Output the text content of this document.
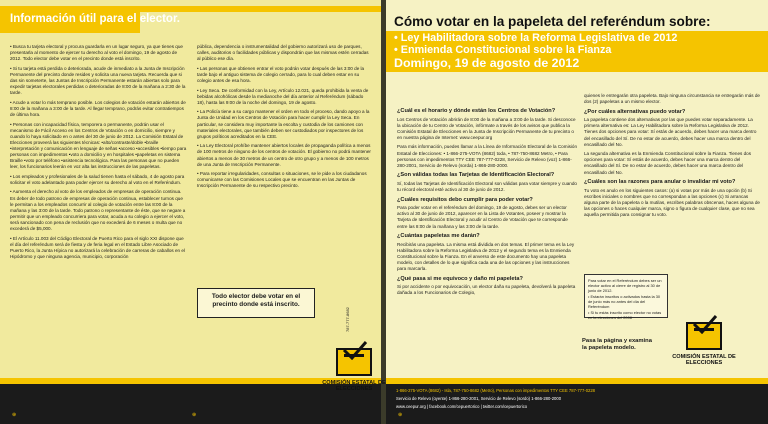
Información útil para el elector.

• Busca tu tarjeta electoral y procura guardarla en un lugar seguro, ya que tienes que presentarla al momento de ejercer tu derecho al voto el domingo, 19 de agosto de 2012. Todo elector debe votar en el precinto donde está inscrito.

• Si tu tarjeta está perdida o deteriorada, acude de inmediato a la Junta de Inscripción Permanente del precinto donde resides y solicita una nueva tarjeta. Recuerda que si das sin someterte, las Juntas de Inscripción Permanente estarán abiertas solo para expedir tarjetas electorales perdidas o deterioradas de 8:00 de la mañana a 2:30 de la tarde.

• Acude a votar lo más temprano posible. Los colegios de votación estarán abiertos de 8:00 de la mañana a 3:00 de la tarde. Al llegar temprano, podrás evitar contratiempos de última hora.

• Personas con incapacidad física, temporera o permanente, podrán usar el mecanismo de Fácil Acceso en los Centros de Votación o en domicilio, siempre y cuando lo haya solicitado en o antes del 30 de junio de 2012. La Comisión Estatal de Elecciones proveerá las siguientes técnicas: •alto/contraste/doble •braille •interpretación y comunicación en lenguaje de señas •acceso •accesibles •tiempo para personas con impedimentos •voto a domicilio y en hospitales •papeletas en sistema Braille •voto por teléfono •asistencia tecnológica. Para las personas que no pueden leer, los funcionarios leerán en voz alta las instrucciones de las papeletas.

• Los empleados y profesionales de la salud tienen hasta el sábado, 4 de agosto para solicitar el voto adelantado para poder ejercer su derecho al voto en el Referéndum.

• Aumenta el derecho al voto de los empleados de empresas de operación continua. Es deber de todo patrono de empresas de operación continua, establecer turnos que le permitan a los empleados concurrir al colegio de votación entre las 8:00 de la mañana y las 3:00 de la tarde. Todo patrono o representante de éste, que se negare a permitir que un empleado concurriera para votar, acuda a su colegio a ejercer el voto, será sancionado con pena de reclusión que no excederá de 6 meses o multa que no excederá de $5,000.

• El Artículo 11.003 del Código Electoral de Puerto Rico para el siglo XXI dispone que el día del referéndum será de fiesta y de feria legal en el Estado Libre Asociado de Puerto Rico, la Junta Hípica no autorizará la celebración de carreras de caballos en el Hipódromo y que ninguna agencia, municipio, corporación

pública, dependencia o instrumentalidad del gobierno autorizará uso de parques, calles, auditorios o facilidades públicas y dispondrán que las mismas estén cerradas al público ese día.

• Las personas que obtienen entrar el voto podrán votar después de las 3:00 de la tarde bajo el antiguo sistema de colegio cerrado, para lo cual deben estar en su colegio antes de esa hora.

• Ley Seca. De conformidad con la Ley, Artículo 12.021, queda prohibida la venta de bebidas alcohólicas desde la medianoche del día anterior al Referéndum (sábado 18), hasta las 9:00 de la noche del domingo, 19 de agosto.

• La Policía tiene a su cargo mantener el orden en todo el proceso, dando apoyo a la Junta de Unidad en los Centros de Votación para hacer cumplir la Ley Seca. En particular, se considera muy importante la escolta y custodia de los camiones con materiales electorales, que también deben ser custodiados por inspectores de los grupos políticos acreditados en la CEE.

• La Ley Electoral prohíbe mantener abiertos locales de propaganda política a menos de 100 metros de ninguno de los centros de votación. El gobierno no podrá mantener abiertos a menos de 30 metros de un centro de otro grupo y a menos de 100 metros de una Junta de Inscripción Permanente.

• Para reportar irregularidades, consultas o situaciones, se le pide a los ciudadanos comunicarse con las Comisiones Locales que se encuentran en las Juntas de Inscripción Permanente de su respectivo precinto.

Todo elector debe votar en el precinto donde está inscrito.
⊕	⊕
787-777-8682
COMISIÓN ESTATAL DE ELECCIONES
Cómo votar en la papeleta del referéndum sobre:
• Ley Habilitadora sobre la Reforma Legislativa de 2012
• Enmienda Constitucional sobre la Fianza
Domingo, 19 de agosto de 2012
¿Cuál es el horario y dónde están los Centros de Votación?

Los Centros de Votación abrirán de 8:00 de la mañana a 3:00 de la tarde. Si desconoce la ubicación de tu Centro de Votación, infórmate a través de los avisos que publica la Comisión Estatal de Elecciones en la Junta de Inscripción Permanente de tu precinto o en nuestra página de Internet: www.ceepur.org

Para más información, puedes llamar a la Línea de Información Electoral de la Comisión Estatal de Elecciones: • 1-866-275-VOTA (8682) toda, • 787-750-8682 Metro, • Para personas con impedimentos TTY CEE 787-777-0228, Servicio de Relevo (voz) 1-866-280-2001, Servicio de Relevo (sorda) 1-866-280-2000.

¿Son válidas todas las Tarjetas de Identificación Electoral?

Sí, todas las Tarjetas de Identificación Electoral son válidas para votar siempre y cuando tu récord electoral esté activo al 30 de junio de 2012.

¿Cuáles requisitos debo cumplir para poder votar?

Para poder votar en el referéndum del domingo, 19 de agosto, debes ser un elector activo al 30 de junio de 2012, aparecer en la Lista de Votantes, poseer y mostrar la Tarjeta de Identificación Electoral y acudir al Centro de Votación que te corresponde entre las 8:00 de la mañana y las 3:00 de la tarde.

¿Cuántas papeletas me darán?

Recibirás una papeleta. La misma está dividida en dos temas. El primer tema es la Ley Habilitadora sobre la Reforma Legislativa de 2012 y el segundo tema es la Enmienda Constitucional sobre la Fianza. En el anverso de este documento hay una papeleta modelo, con detalles de lo que significa cada una de las opciones y las instrucciones para marcarla.

¿Qué pasa si me equivoco y daño mi papeleta?

Si por accidente o por equivocación, un elector daña su papeleta, devolverá la papeleta dañada a los Funcionarios de Colegio,

quienes le entregarán otra papeleta. Bajo ninguna circunstancia se entregarán más de dos (2) papeletas a un mismo elector.

¿Por cuáles alternativas puedo votar?

La papeleta contiene dos alternativas por las que puedes votar separadamente. La primera alternativa es: La Ley Habilitadora sobre la Reforma Legislativa de 2012. Tienes dos opciones para votar: Sí estás de acuerdo, debes hacer una marca dentro del encasillado del Sí. De no estar de acuerdo, debes hacer una marca dentro del encasillado del No.

La segunda alternativa es la Enmienda Constitucional sobre la Fianza. Tienes dos opciones para votar: Sí estás de acuerdo, debes hacer una marca dentro del encasillado del Sí. De no estar de acuerdo, debes hacer una marca dentro del encasillado del No.

¿Cuáles son las razones para anular o invalidar mi voto?

Tu voto es anulo en los siguientes casos: (a) si votas por más de una opción (b) Si escribes iniciales o nombres que no correspondan a las opciones (c) Si arrancas alguna parte de la papeleta o la mutilas, escribes palabras obscenas, haces alguna de las opciones o haces cualquier marca, signo o figura de cualquier clase, que no sea aquella permitida para consignar tu voto.

Para votar en el Referéndum debes ser un elector activo al cierre de registro al 30 de junio de 2012.
• Estarán inscritos o activados hasta la 30 de junio más no antes del día del Referéndum
• Si tu estás inscrito como elector no votas en la elecciones del 2008
Pasa la página y examina la papeleta modelo.
COMISIÓN ESTATAL DE ELECCIONES
1-866-275-VOTA (8682) - Isla, 787-750-8682 (Metro), Personas con impedimentos TTY CEE 787-777-0228
Servicio de Relevo (oyente) 1-866-280-2001, Servicio de Relevo (sordo) 1-866-280-2000
www.ceepur.org | facebook.com/cepuertorico | twitter.com/cepuertorico
⊕
